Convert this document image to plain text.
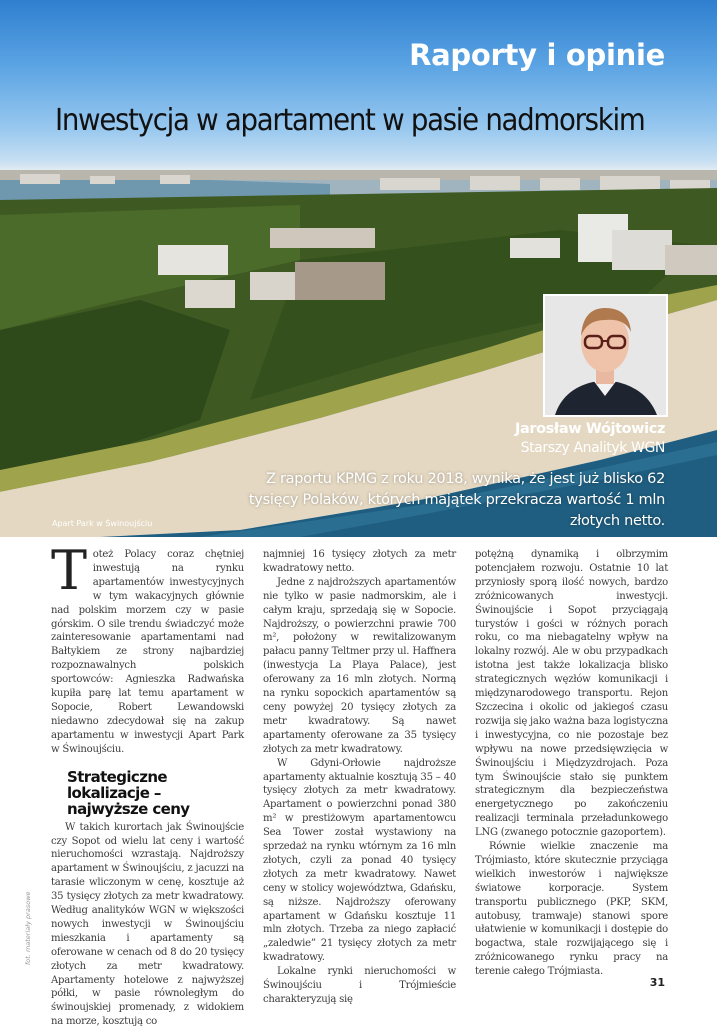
Raporty i opinie
Inwestycja w apartament w pasie nadmorskim

Jarosław Wójtowicz

Starszy Analityk WGN

Z raportu KPMG z roku 2018, wynika, że jest już blisko 62 tysięcy Polaków, których majątek przekracza wartość 1 mln złotych netto.

Apart Park w Świnoujściu

Toteż Polacy coraz chętniej inwestują na rynku apartamentów inwestycyjnych w tym wakacyjnych głównie nad polskim morzem czy w pasie górskim. O sile trendu świadczyć może zainteresowanie apartamentami nad Bałtykiem ze strony najbardziej rozpoznawalnych polskich sportowców: Agnieszka Radwańska kupiła parę lat temu apartament w Sopocie, Robert Lewandowski niedawno zdecydował się na zakup apartamentu w inwestycji Apart Park w Świnoujściu.

Strategiczne lokalizacje – najwyższe ceny

W takich kurortach jak Świnoujście czy Sopot od wielu lat ceny i wartość nieruchomości wzrastają. Najdroższy apartament w Świnoujściu, z jacuzzi na tarasie wliczonym w cenę, kosztuje aż 35 tysięcy złotych za metr kwadratowy. Według analityków WGN w większości nowych inwestycji w Świnoujściu mieszkania i apartamenty są oferowane w cenach od 8 do 20 tysięcy złotych za metr kwadratowy. Apartamenty hotelowe z najwyższej półki, w pasie równoległym do świnoujskiej promenady, z widokiem na morze, kosztują co

najmniej 16 tysięcy złotych za metr kwadratowy netto.

Jedne z najdroższych apartamentów nie tylko w pasie nadmorskim, ale i całym kraju, sprzedają się w Sopocie. Najdroższy, o powierzchni prawie 700 m², położony w rewitalizowanym pałacu panny Teltmer przy ul. Haffnera (inwestycja La Playa Palace), jest oferowany za 16 mln złotych. Normą na rynku sopockich apartamentów są ceny powyżej 20 tysięcy złotych za metr kwadratowy. Są nawet apartamenty oferowane za 35 tysięcy złotych za metr kwadratowy.

W Gdyni-Orłowie najdroższe apartamenty aktualnie kosztują 35 – 40 tysięcy złotych za metr kwadratowy. Apartament o powierzchni ponad 380 m² w prestiżowym apartamentowcu Sea Tower został wystawiony na sprzedaż na rynku wtórnym za 16 mln złotych, czyli za ponad 40 tysięcy złotych za metr kwadratowy. Nawet ceny w stolicy województwa, Gdańsku, są niższe. Najdroższy oferowany apartament w Gdańsku kosztuje 11 mln złotych. Trzeba za niego zapłacić „zaledwie” 21 tysięcy złotych za metr kwadratowy.

Lokalne rynki nieruchomości w Świnoujściu i Trójmieście charakteryzują się

potężną dynamiką i olbrzymim potencjałem rozwoju. Ostatnie 10 lat przyniosły sporą ilość nowych, bardzo zróżnicowanych inwestycji. Świnoujście i Sopot przyciągają turystów i gości w różnych porach roku, co ma niebagatelny wpływ na lokalny rozwój. Ale w obu przypadkach istotna jest także lokalizacja blisko strategicznych węzłów komunikacji i międzynarodowego transportu. Rejon Szczecina i okolic od jakiegoś czasu rozwija się jako ważna baza logistyczna i inwestycyjna, co nie pozostaje bez wpływu na nowe przedsięwzięcia w Świnoujściu i Międzyzdrojach. Poza tym Świnoujście stało się punktem strategicznym dla bezpieczeństwa energetycznego po zakończeniu realizacji terminala przeładunkowego LNG (zwanego potocznie gazoportem).

Równie wielkie znaczenie ma Trójmiasto, które skutecznie przyciąga wielkich inwestorów i największe światowe korporacje. System transportu publicznego (PKP, SKM, autobusy, tramwaje) stanowi spore ułatwienie w komunikacji i dostępie do bogactwa, stale rozwijającego się i zróżnicowanego rynku pracy na terenie całego Trójmiasta.

fot. materiały prasowe

31
